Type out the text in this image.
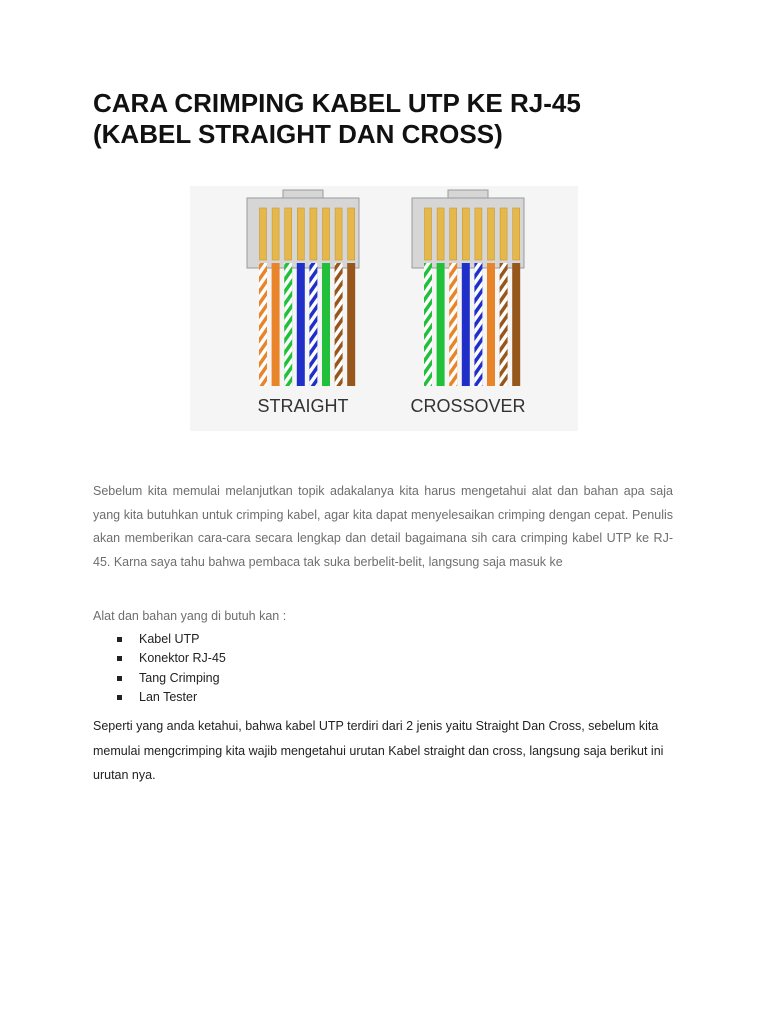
CARA CRIMPING KABEL UTP KE RJ-45
(KABEL STRAIGHT DAN CROSS)
STRAIGHT	CROSSOVER

Sebelum kita memulai melanjutkan topik adakalanya kita harus mengetahui alat dan bahan apa saja yang kita butuhkan untuk crimping kabel, agar kita dapat menyelesaikan crimping dengan cepat. Penulis akan memberikan cara-cara secara lengkap dan detail bagaimana sih cara crimping kabel UTP ke RJ-45. Karna saya tahu bahwa pembaca tak suka berbelit-belit, langsung saja masuk ke

Alat dan bahan yang di butuh kan :

Kabel UTP
Konektor RJ-45
Tang Crimping
Lan Tester

Seperti yang anda ketahui, bahwa kabel UTP terdiri dari 2 jenis yaitu Straight Dan Cross, sebelum kita memulai mengcrimping kita wajib mengetahui urutan Kabel straight dan cross, langsung saja berikut ini urutan nya.
